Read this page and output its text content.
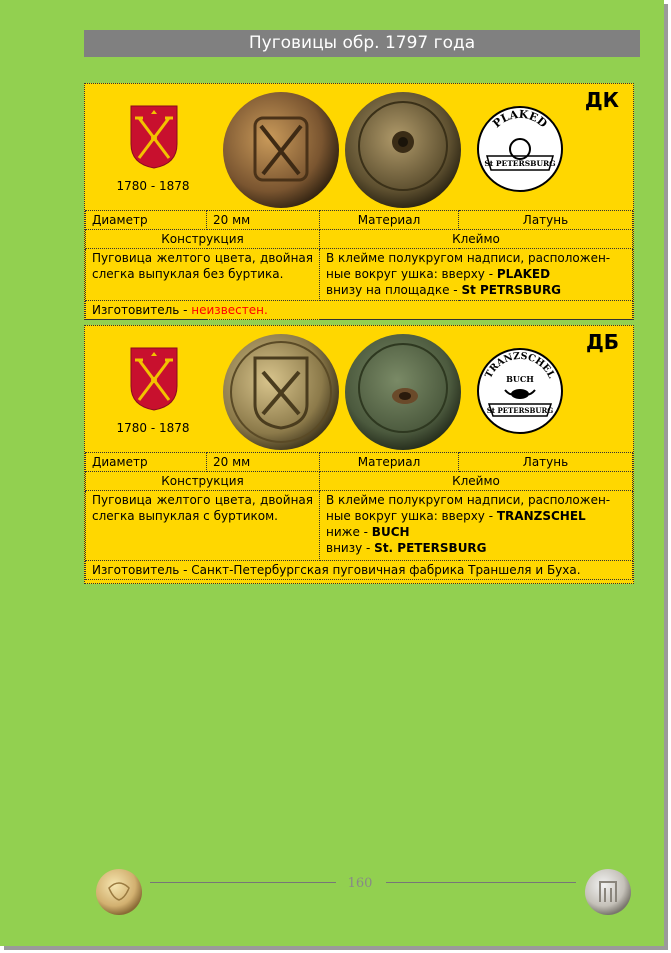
Пуговицы обр. 1797 года
1780 - 1878
PLAKED
St PETERSBURG
ДК
Диаметр	20 мм	Материал	Латунь
Конструкция		Клеймо	
Пуговица желтого цвета, двойная слегка выпуклая без буртика.		В клейме полукругом надписи, расположен-
ные вокруг ушка: вверху - PLAKED
внизу на площадке - St PETRSBURG	

Изготовитель - неизвестен.			
1780 - 1878
TRANZSCHEL
BUCH
St PETERSBURG
ДБ
Диаметр	20 мм	Материал	Латунь
Конструкция		Клеймо	
Пуговица желтого цвета, двойная слегка выпуклая с буртиком.		В клейме полукругом надписи, расположен-
ные вокруг ушка: вверху - TRANZSCHEL
ниже - BUCH
внизу - St. PETERSBURG	

Изготовитель - Санкт-Петербургская пуговичная фабрика Траншеля и Буха.			
160
